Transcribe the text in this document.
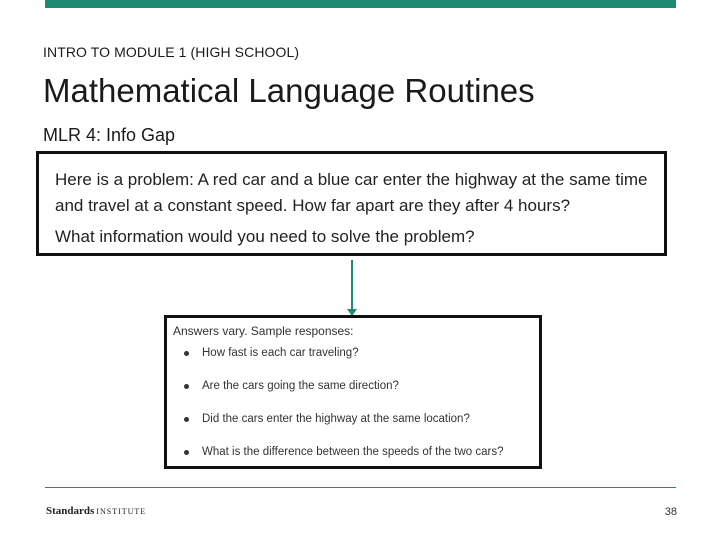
INTRO TO MODULE 1 (HIGH SCHOOL)
Mathematical Language Routines
MLR 4: Info Gap

Here is a problem: A red car and a blue car enter the highway at the same time and travel at a constant speed. How far apart are they after 4 hours?

What information would you need to solve the problem?

Answers vary. Sample responses:

How fast is each car traveling?
Are the cars going the same direction?
Did the cars enter the highway at the same location?
What is the difference between the speeds of the two cars?
Standards INSTITUTE	38
